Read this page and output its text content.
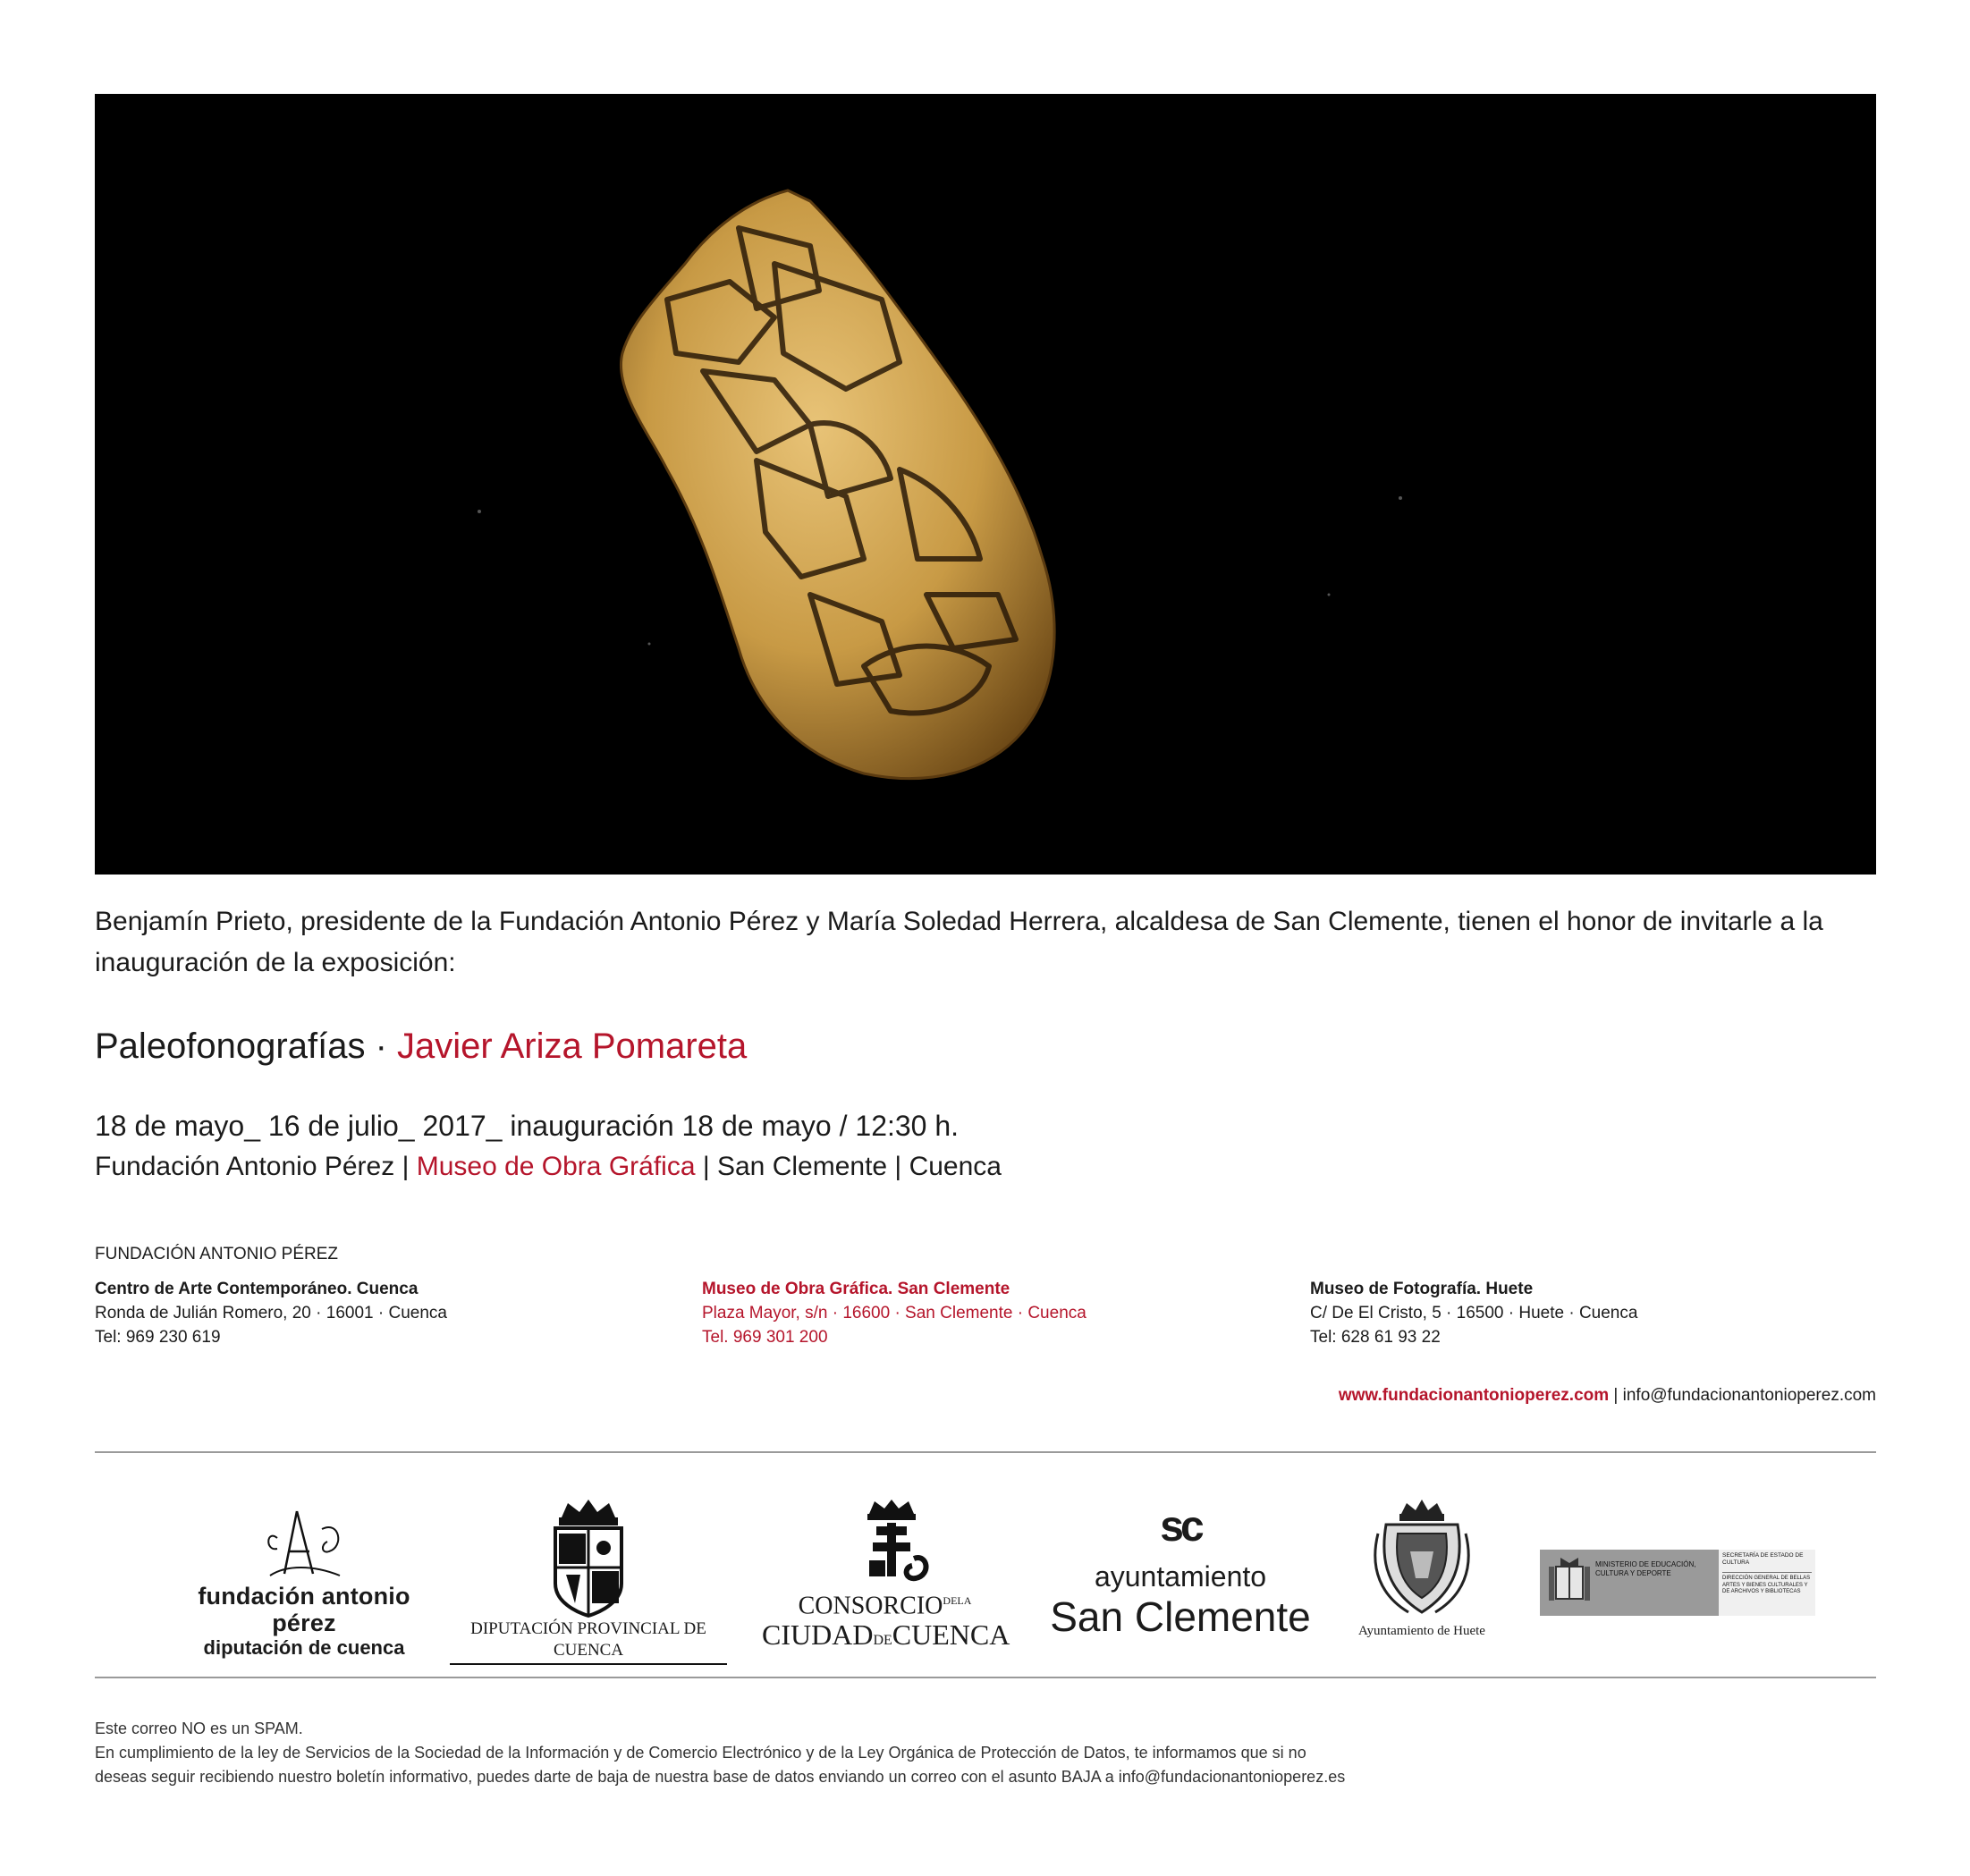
Benjamín Prieto, presidente de la Fundación Antonio Pérez y María Soledad Herrera, alcaldesa de San Clemente, tienen el honor de invitarle a la inauguración de la exposición:

Paleofonografías · Javier Ariza Pomareta

18 de mayo_ 16 de julio_ 2017_ inauguración 18 de mayo / 12:30 h.

Fundación Antonio Pérez | Museo de Obra Gráfica | San Clemente | Cuenca

FUNDACIÓN ANTONIO PÉREZ
Centro de Arte Contemporáneo. Cuenca
Ronda de Julián Romero, 20 · 16001 · Cuenca
Tel: 969 230 619
Museo de Obra Gráfica. San Clemente
Plaza Mayor, s/n · 16600 · San Clemente · Cuenca
Tel. 969 301 200
Museo de Fotografía. Huete
C/ De El Cristo, 5 · 16500 · Huete · Cuenca
Tel: 628 61 93 22
www.fundacionantonioperez.com | info@fundacionantonioperez.com
fundación antonio pérez
diputación de cuenca
DIPUTACIÓN PROVINCIAL DE CUENCA
$CONSORCIO^{DELA}$
CIUDADDECUENCA
sc
ayuntamiento
San Clemente	Ayuntamiento de Huete
MINISTERIO DE EDUCACIÓN, CULTURA Y DEPORTE
SECRETARÍA DE ESTADO DE CULTURA
DIRECCIÓN GENERAL DE BELLAS ARTES Y BIENES CULTURALES Y DE ARCHIVOS Y BIBLIOTECAS
Este correo NO es un SPAM.
En cumplimiento de la ley de Servicios de la Sociedad de la Información y de Comercio Electrónico y de la Ley Orgánica de Protección de Datos, te informamos que si no
deseas seguir recibiendo nuestro boletín informativo, puedes darte de baja de nuestra base de datos enviando un correo con el asunto BAJA a info@fundacionantonioperez.es
